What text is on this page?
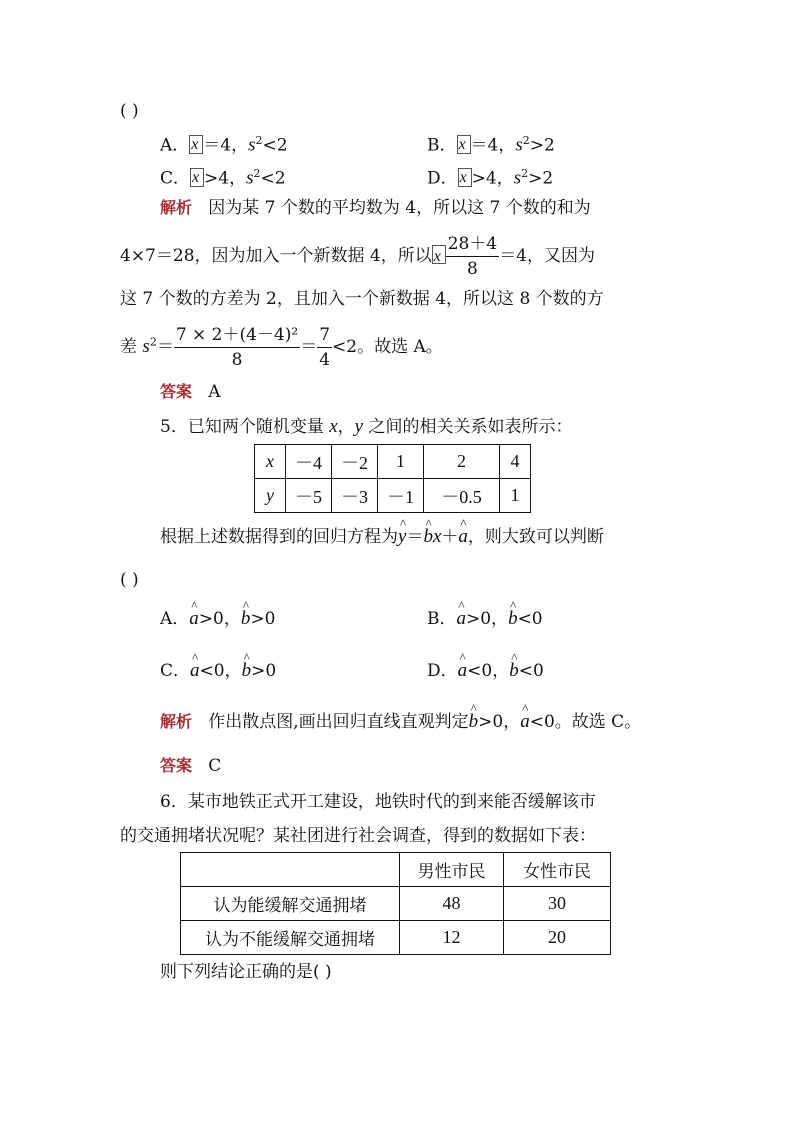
( )
A． x ＝4，$s^2<2$	B． x ＝4，$s^2>2$
C． x >4，$s^2<2$	D． x >4，$s^2>2$
解析 因为某 7 个数的平均数为 4，所以这 7 个数的和为
4×7＝28，因为加入一个新数据 4，所以 x $\frac{28+4}{8} =4$，又因为
这 7 个数的方差为 2，且加入一个新数据 4，所以这 8 个数的方
差 $s^2= \frac{\text{7 × 2＋(4－4)²}}{8} = \frac{7}{4} <2$。故选 A。
答案 A
5．已知两个随机变量 x，y 之间的相关关系如表所示：
x	－4	－2	1	2	4
y	－5	－3	－1	－0.5	1
根据上述数据得到的回归方程为^ y＝^ bx＋^ a，则大致可以判断
( )
A．^ a>0，^ b>0	B．^ a>0，^ b<0
C．^ a<0，^ b>0	D．^ a<0，^ b<0
解析 作出散点图,画出回归直线直观判定^ b>0，^ a<0。故选 C。
答案 C
6．某市地铁正式开工建设，地铁时代的到来能否缓解该市
的交通拥堵状况呢？某社团进行社会调查，得到的数据如下表：
	男性市民	女性市民
认为能缓解交通拥堵	48	30
认为不能缓解交通拥堵	12	20
则下列结论正确的是( )
